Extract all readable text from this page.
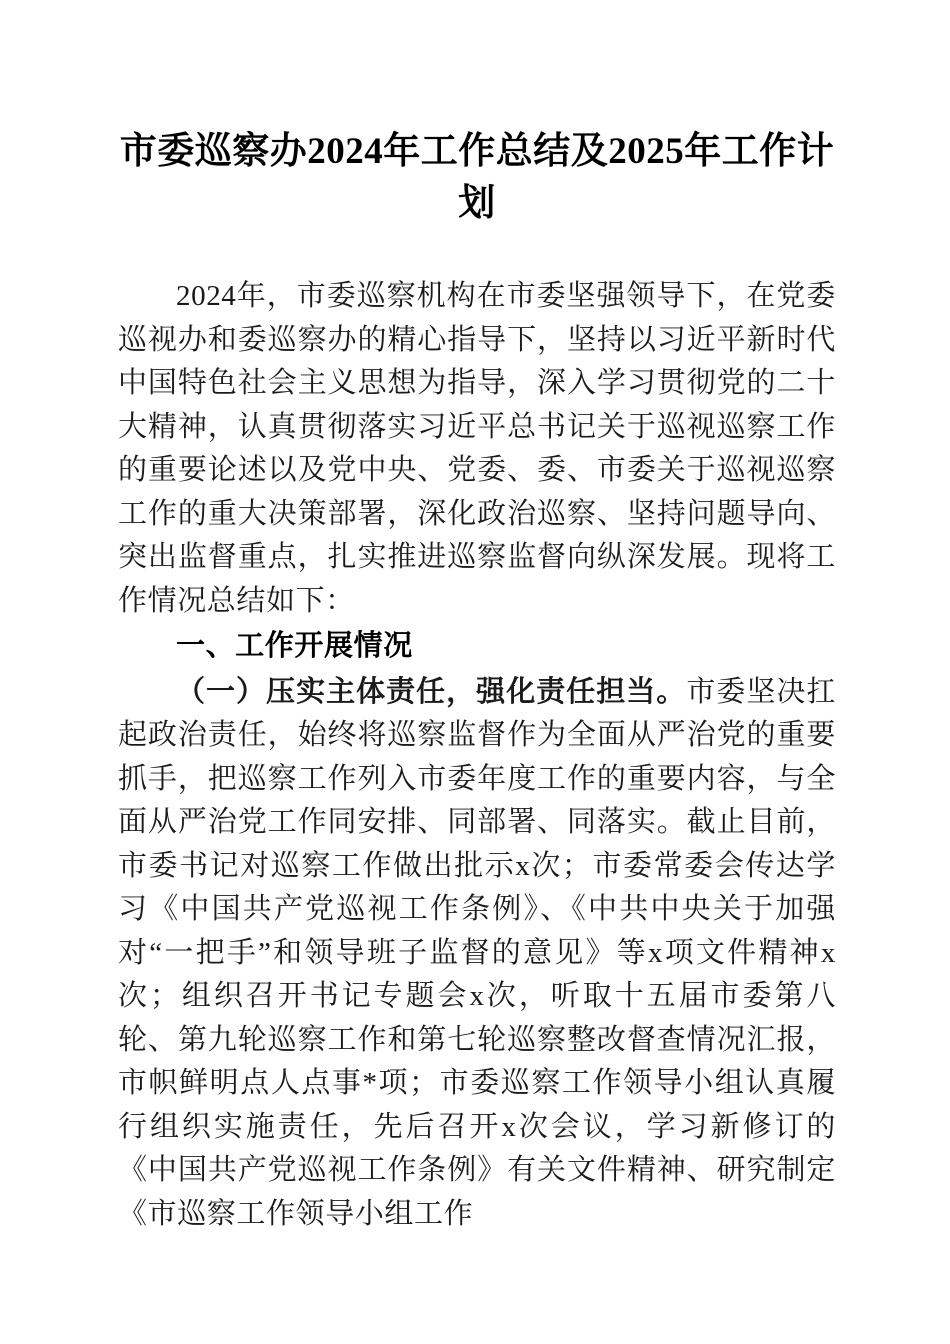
市委巡察办2024年工作总结及2025年工作计划

2024年，市委巡察机构在市委坚强领导下，在党委巡视办和委巡察办的精心指导下，坚持以习近平新时代中国特色社会主义思想为指导，深入学习贯彻党的二十大精神，认真贯彻落实习近平总书记关于巡视巡察工作的重要论述以及党中央、党委、委、市委关于巡视巡察工作的重大决策部署，深化政治巡察、坚持问题导向、突出监督重点，扎实推进巡察监督向纵深发展。现将工作情况总结如下：

一、工作开展情况

（一）压实主体责任，强化责任担当。市委坚决扛起政治责任，始终将巡察监督作为全面从严治党的重要抓手，把巡察工作列入市委年度工作的重要内容，与全面从严治党工作同安排、同部署、同落实。截止目前，市委书记对巡察工作做出批示x次；市委常委会传达学习《中国共产党巡视工作条例》、《中共中央关于加强对“一把手”和领导班子监督的意见》等x项文件精神x次；组织召开书记专题会x次，听取十五届市委第八轮、第九轮巡察工作和第七轮巡察整改督查情况汇报，市帜鲜明点人点事*项；市委巡察工作领导小组认真履行组织实施责任，先后召开x次会议，学习新修订的《中国共产党巡视工作条例》有关文件精神、研究制定《市巡察工作领导小组工作
